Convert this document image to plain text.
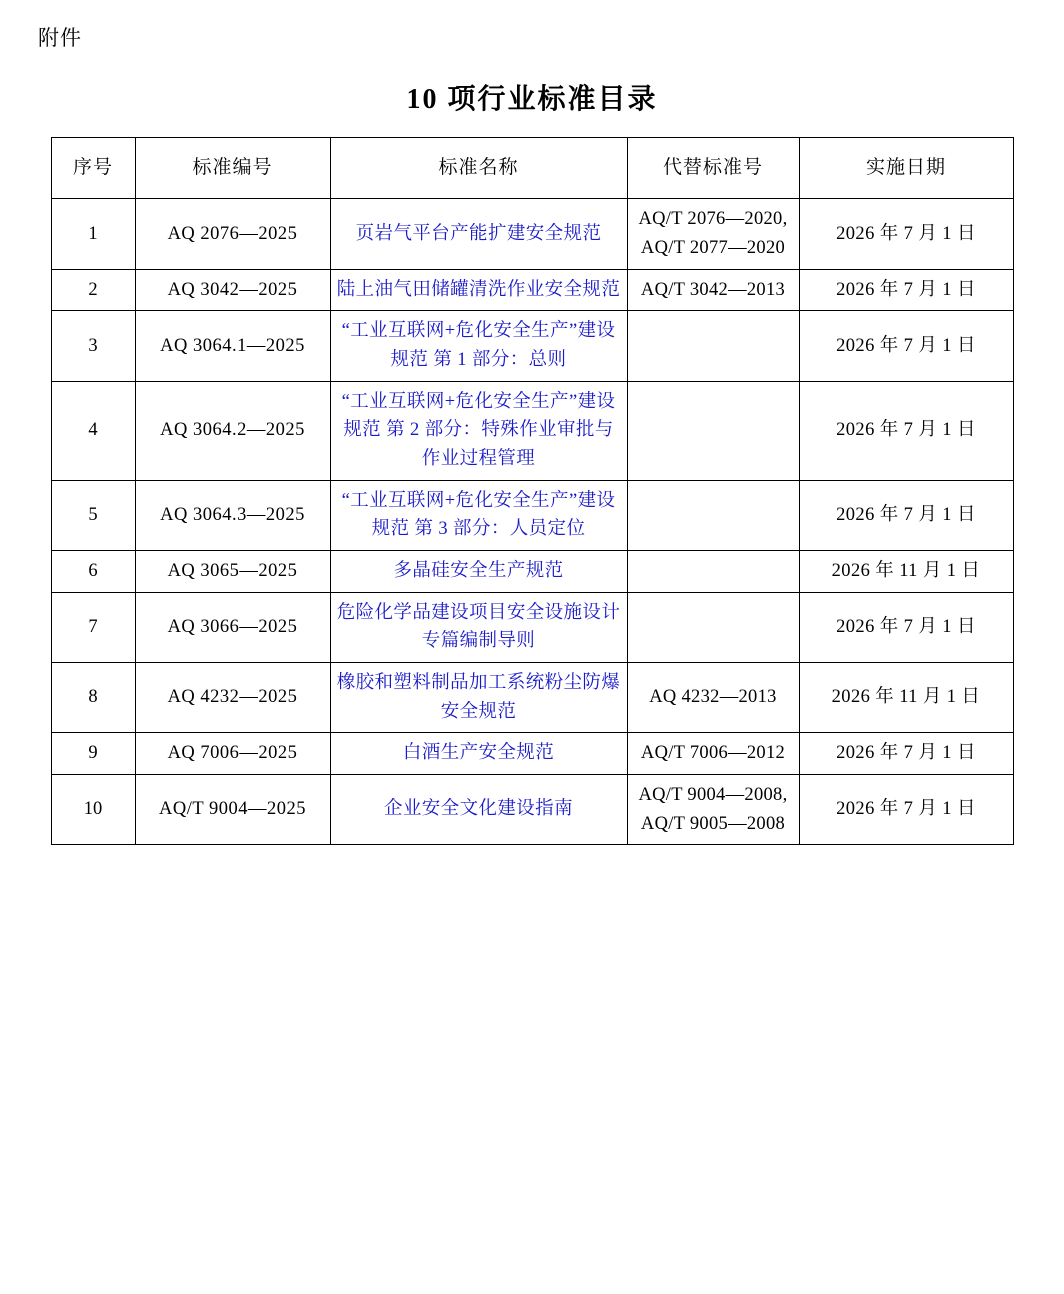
附件
10 项行业标准目录
序号	标准编号	标准名称	代替标准号	实施日期
1	AQ 2076—2025	页岩气平台产能扩建安全规范	AQ/T 2076—2020, AQ/T 2077—2020	2026 年 7 月 1 日
2	AQ 3042—2025	陆上油气田储罐清洗作业安全规范	AQ/T 3042—2013	2026 年 7 月 1 日
3	AQ 3064.1—2025	“工业互联网+危化安全生产”建设规范 第 1 部分：总则		2026 年 7 月 1 日
4	AQ 3064.2—2025	“工业互联网+危化安全生产”建设规范 第 2 部分：特殊作业审批与作业过程管理		2026 年 7 月 1 日
5	AQ 3064.3—2025	“工业互联网+危化安全生产”建设规范 第 3 部分：人员定位		2026 年 7 月 1 日
6	AQ 3065—2025	多晶硅安全生产规范		2026 年 11 月 1 日
7	AQ 3066—2025	危险化学品建设项目安全设施设计专篇编制导则		2026 年 7 月 1 日
8	AQ 4232—2025	橡胶和塑料制品加工系统粉尘防爆安全规范	AQ 4232—2013	2026 年 11 月 1 日
9	AQ 7006—2025	白酒生产安全规范	AQ/T 7006—2012	2026 年 7 月 1 日
10	AQ/T 9004—2025	企业安全文化建设指南	AQ/T 9004—2008, AQ/T 9005—2008	2026 年 7 月 1 日
